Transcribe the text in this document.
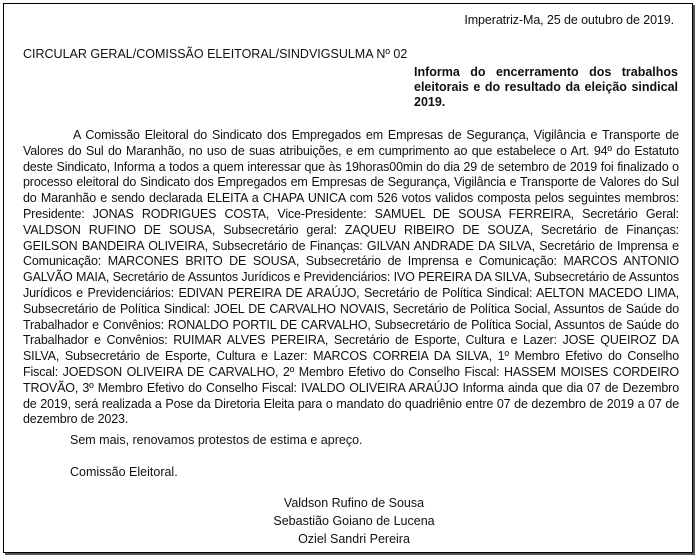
Imperatriz-Ma, 25 de outubro de 2019.
CIRCULAR GERAL/COMISSÃO ELEITORAL/SINDVIGSULMA Nº 02
Informa do encerramento dos trabalhos eleitorais e do resultado da eleição sindical 2019.

A Comissão Eleitoral do Sindicato dos Empregados em Empresas de Segurança, Vigilância e Transporte de Valores do Sul do Maranhão, no uso de suas atribuições, e em cumprimento ao que estabelece o Art. 94º do Estatuto deste Sindicato, Informa a todos a quem interessar que às 19horas00min do dia 29 de setembro de 2019 foi finalizado o processo eleitoral do Sindicato dos Empregados em Empresas de Segurança, Vigilância e Transporte de Valores do Sul do Maranhão e sendo declarada ELEITA a CHAPA UNICA com 526 votos validos composta pelos seguintes membros: Presidente: JONAS RODRIGUES COSTA, Vice-Presidente: SAMUEL DE SOUSA FERREIRA, Secretário Geral: VALDSON RUFINO DE SOUSA, Subsecretário geral: ZAQUEU RIBEIRO DE SOUZA, Secretário de Finanças: GEILSON BANDEIRA OLIVEIRA, Subsecretário de Finanças: GILVAN ANDRADE DA SILVA, Secretário de Imprensa e Comunicação: MARCONES BRITO DE SOUSA, Subsecretário de Imprensa e Comunicação: MARCOS ANTONIO GALVÃO MAIA, Secretário de Assuntos Jurídicos e Previdenciários: IVO PEREIRA DA SILVA, Subsecretário de Assuntos Jurídicos e Previdenciários: EDIVAN PEREIRA DE ARAÚJO, Secretário de Política Sindical: AELTON MACEDO LIMA, Subsecretário de Política Sindical: JOEL DE CARVALHO NOVAIS, Secretário de Política Social, Assuntos de Saúde do Trabalhador e Convênios: RONALDO PORTIL DE CARVALHO, Subsecretário de Política Social, Assuntos de Saúde do Trabalhador e Convênios: RUIMAR ALVES PEREIRA, Secretário de Esporte, Cultura e Lazer: JOSE QUEIROZ DA SILVA, Subsecretário de Esporte, Cultura e Lazer: MARCOS CORREIA DA SILVA, 1º Membro Efetivo do Conselho Fiscal: JOEDSON OLIVEIRA DE CARVALHO, 2º Membro Efetivo do Conselho Fiscal: HASSEM MOISES CORDEIRO TROVÃO, 3º Membro Efetivo do Conselho Fiscal: IVALDO OLIVEIRA ARAÚJO Informa ainda que dia 07 de Dezembro de 2019, será realizada a Pose da Diretoria Eleita para o mandato do quadriênio entre 07 de dezembro de 2019 a 07 de dezembro de 2023.

Sem mais, renovamos protestos de estima e apreço.

Comissão Eleitoral.

Valdson Rufino de Sousa
Sebastião Goiano de Lucena
Oziel Sandri Pereira
